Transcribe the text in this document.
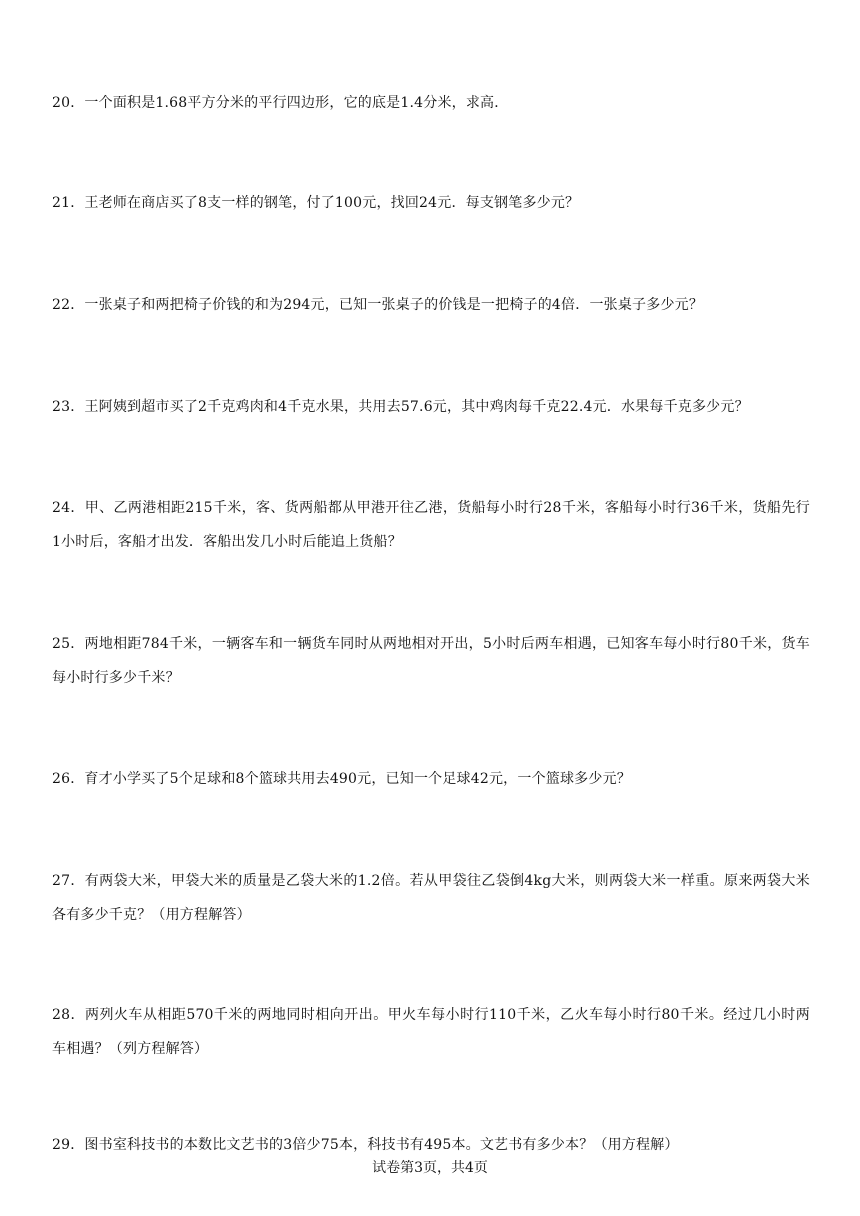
20．一个面积是1.68平方分米的平行四边形，它的底是1.4分米，求高．
21．王老师在商店买了8支一样的钢笔，付了100元，找回24元．每支钢笔多少元？
22．一张桌子和两把椅子价钱的和为294元，已知一张桌子的价钱是一把椅子的4倍．一张桌子多少元？
23．王阿姨到超市买了2千克鸡肉和4千克水果，共用去57.6元，其中鸡肉每千克22.4元．水果每千克多少元？
24．甲、乙两港相距215千米，客、货两船都从甲港开往乙港，货船每小时行28千米，客船每小时行36千米，货船先行1小时后，客船才出发．客船出发几小时后能追上货船？
25．两地相距784千米，一辆客车和一辆货车同时从两地相对开出，5小时后两车相遇，已知客车每小时行80千米，货车每小时行多少千米？
26．育才小学买了5个足球和8个篮球共用去490元，已知一个足球42元，一个篮球多少元？
27．有两袋大米，甲袋大米的质量是乙袋大米的1.2倍。若从甲袋往乙袋倒4kg大米，则两袋大米一样重。原来两袋大米各有多少千克？（用方程解答）
28．两列火车从相距570千米的两地同时相向开出。甲火车每小时行110千米，乙火车每小时行80千米。经过几小时两车相遇？（列方程解答）
29．图书室科技书的本数比文艺书的3倍少75本，科技书有495本。文艺书有多少本？（用方程解）
试卷第3页，共4页
